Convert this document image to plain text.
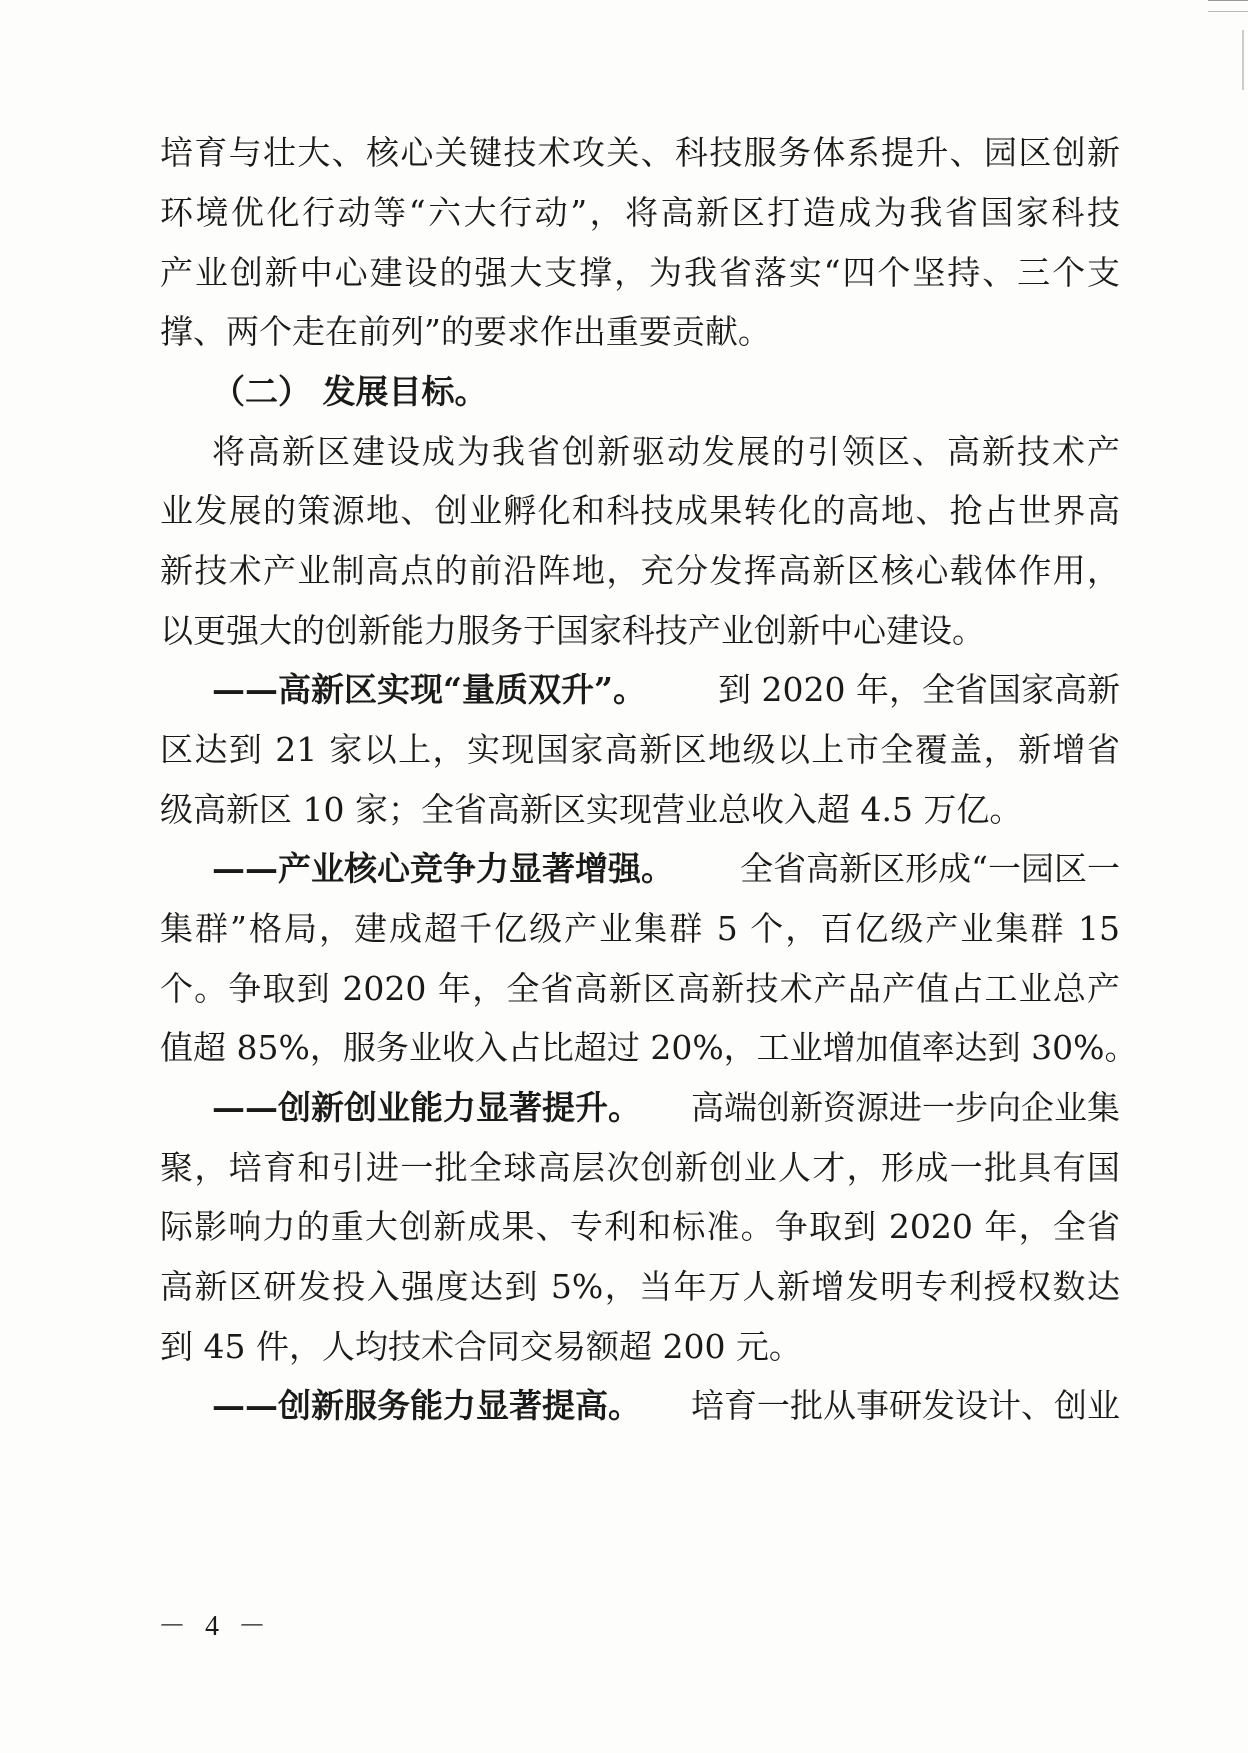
培育与壮大、核心关键技术攻关、科技服务体系提升、园区创新
环境优化行动等“六大行动”，将高新区打造成为我省国家科技
产业创新中心建设的强大支撑，为我省落实“四个坚持、三个支
撑、两个走在前列”的要求作出重要贡献。
（二） 发展目标。
将高新区建设成为我省创新驱动发展的引领区、高新技术产
业发展的策源地、创业孵化和科技成果转化的高地、抢占世界高
新技术产业制高点的前沿阵地，充分发挥高新区核心载体作用，
以更强大的创新能力服务于国家科技产业创新中心建设。
——高新区实现“量质双升”。 到 2020 年，全省国家高新
区达到 21 家以上，实现国家高新区地级以上市全覆盖，新增省
级高新区 10 家；全省高新区实现营业总收入超 4.5 万亿。
——产业核心竞争力显著增强。 全省高新区形成“一园区一
集群”格局，建成超千亿级产业集群 5 个，百亿级产业集群 15
个。争取到 2020 年，全省高新区高新技术产品产值占工业总产
值超 85%，服务业收入占比超过 20%，工业增加值率达到 30%。
——创新创业能力显著提升。 高端创新资源进一步向企业集
聚，培育和引进一批全球高层次创新创业人才，形成一批具有国
际影响力的重大创新成果、专利和标准。争取到 2020 年，全省
高新区研发投入强度达到 5%，当年万人新增发明专利授权数达
到 45 件，人均技术合同交易额超 200 元。
——创新服务能力显著提高。 培育一批从事研发设计、创业
－ 4 －
